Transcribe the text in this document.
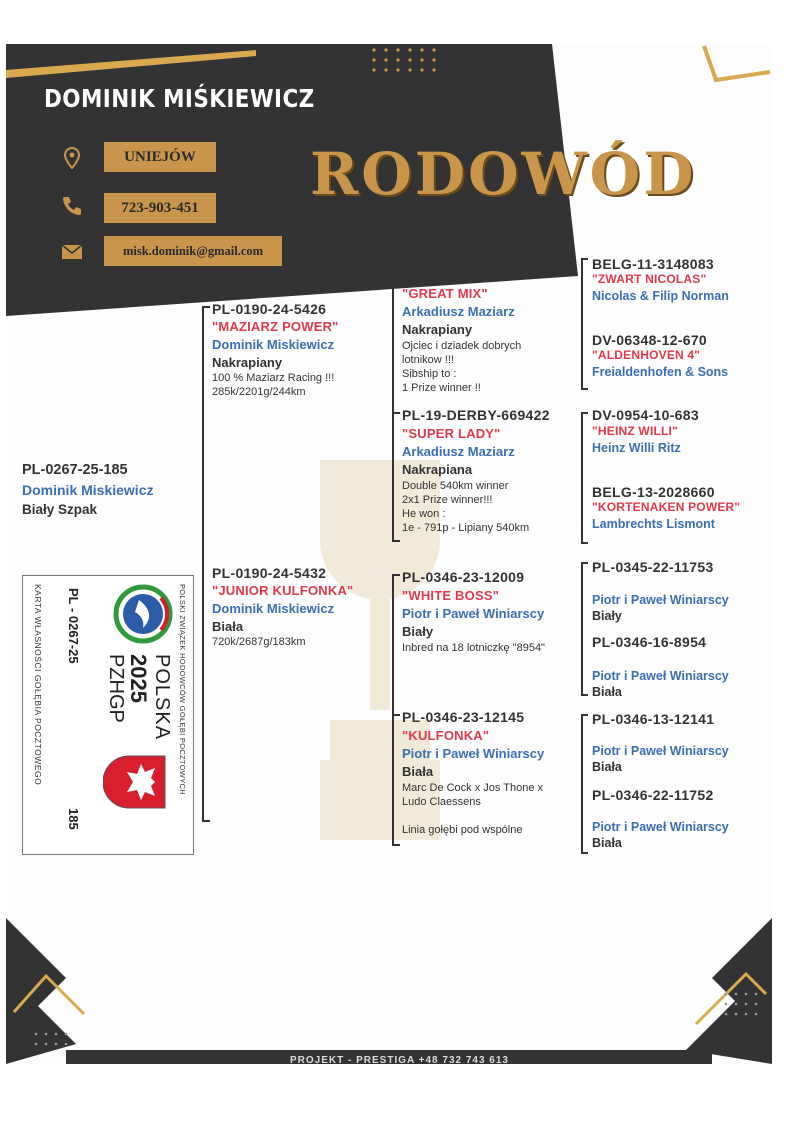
DOMINIK MIŚKIEWICZ
RODOWÓD
UNIEJÓW
723-903-451
misk.dominik@gmail.com
PL-0267-25-185
Dominik Miskiewicz
Biały Szpak
PL-0190-24-5426
"MAZIARZ POWER"
Dominik Miskiewicz
Nakrapiany
100 % Maziarz Racing !!!
285k/2201g/244km
PL-0190-24-5432
"JUNIOR KULFONKA"
Dominik Miskiewicz
Biała
720k/2687g/183km
PL-0233-19-4795
"GREAT MIX"
Arkadiusz Maziarz
Nakrapiany
Ojciec i dziadek dobrych
lotnikow !!!
Sibship to :
1 Prize winner !!
PL-19-DERBY-669422
"SUPER LADY"
Arkadiusz Maziarz
Nakrapiana
Double 540km winner
2x1 Prize winner!!!
He won :
1e - 791p - Lipiany 540km
PL-0346-23-12009
"WHITE BOSS"
Piotr i Paweł Winiarscy
Biały
Inbred na 18 lotniczkę "8954"
PL-0346-23-12145
"KULFONKA"
Piotr i Paweł Winiarscy
Biała
Marc De Cock x Jos Thone x
Ludo Claessens
Linia gołębi pod wspólne
BELG-11-3148083
"ZWART NICOLAS"
Nicolas & Filip Norman
DV-06348-12-670
"ALDENHOVEN 4"
Freialdenhofen & Sons
DV-0954-10-683
"HEINZ WILLI"
Heinz Willi Ritz
BELG-13-2028660
"KORTENAKEN POWER"
Lambrechts Lismont
PL-0345-22-11753
Piotr i Paweł Winiarscy
Biały
PL-0346-16-8954
Piotr i Paweł Winiarscy
Biała
PL-0346-13-12141
Piotr i Paweł Winiarscy
Biała
PL-0346-22-11752
Piotr i Paweł Winiarscy
Biała
POLSKI ZWIĄZEK HODOWCÓW GOŁĘBI POCZTOWYCH
POLSKA
2025
PZHGP
PL - 0267-25
185
KARTA WŁASNOŚCI GOŁĘBIA POCZTOWEGO
PROJEKT - PRESTIGA +48 732 743 613
